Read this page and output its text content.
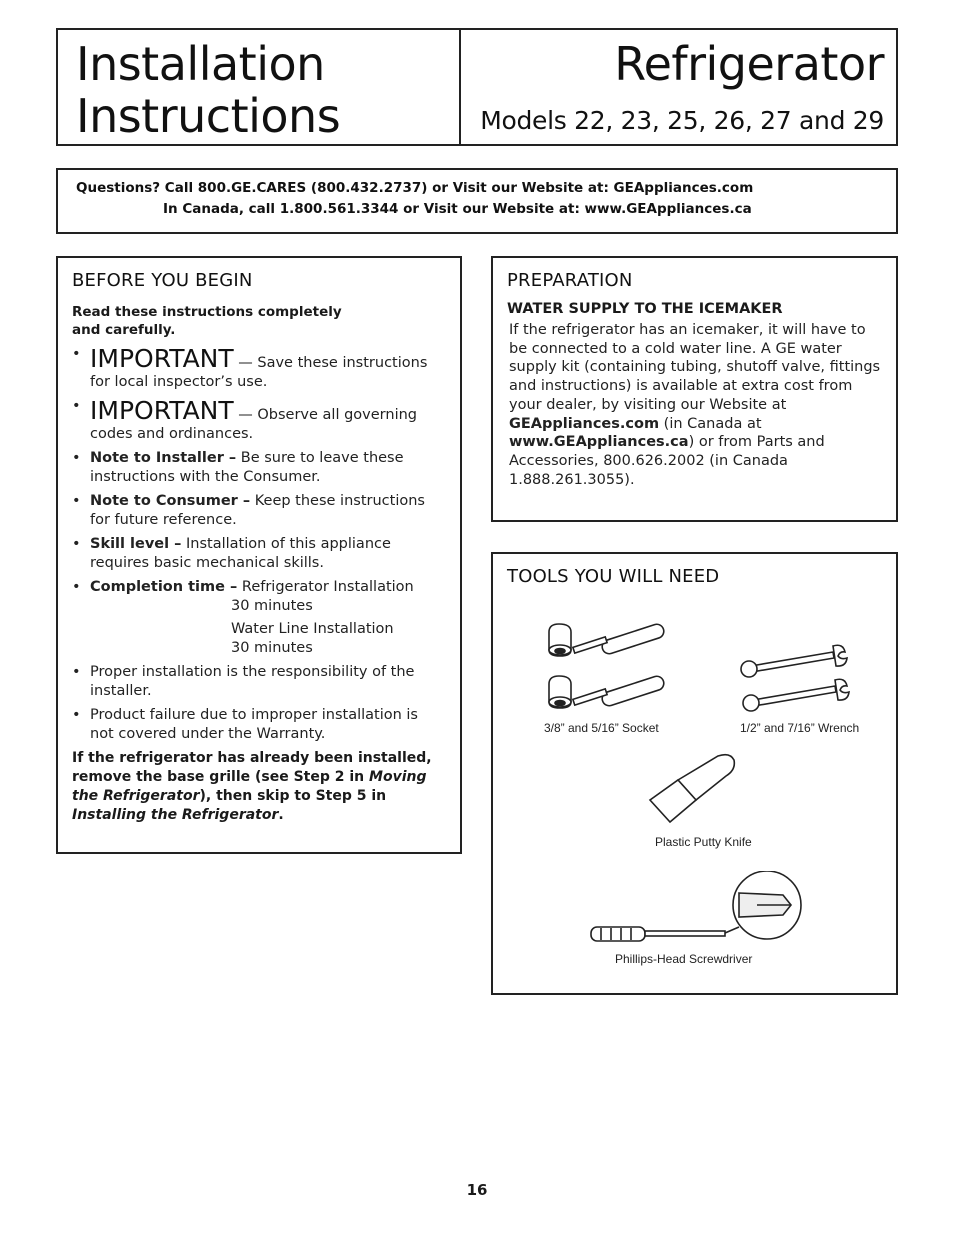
Installation
Instructions
Refrigerator
Models 22, 23, 25, 26, 27 and 29
Questions? Call 800.GE.CARES (800.432.2737) or Visit our Website at: GEAppliances.com
In Canada, call 1.800.561.3344 or Visit our Website at: www.GEAppliances.ca
BEFORE YOU BEGIN
Read these instructions completely
and carefully.
• IMPORTANT — Save these instructions for local inspector’s use.
• IMPORTANT — Observe all governing codes and ordinances.
• Note to Installer – Be sure to leave these instructions with the Consumer.
• Note to Consumer – Keep these instructions for future reference.
• Skill level – Installation of this appliance requires basic mechanical skills.
• Completion time – Refrigerator Installation
30 minutes
Water Line Installation
30 minutes
• Proper installation is the responsibility of the installer.
• Product failure due to improper installation is not covered under the Warranty.
If the refrigerator has already been installed, remove the base grille (see Step 2 in Moving the Refrigerator), then skip to Step 5 in Installing the Refrigerator.
PREPARATION
WATER SUPPLY TO THE ICEMAKER
If the refrigerator has an icemaker, it will have to be connected to a cold water line. A GE water supply kit (containing tubing, shutoff valve, fittings and instructions) is available at extra cost from your dealer, by visiting our Website at GEAppliances.com (in Canada at www.GEAppliances.ca) or from Parts and Accessories, 800.626.2002 (in Canada 1.888.261.3055).
TOOLS YOU WILL NEED
3/8” and 5/16” Socket	1/2” and 7/16” Wrench
Plastic Putty Knife
Phillips-Head Screwdriver
16
